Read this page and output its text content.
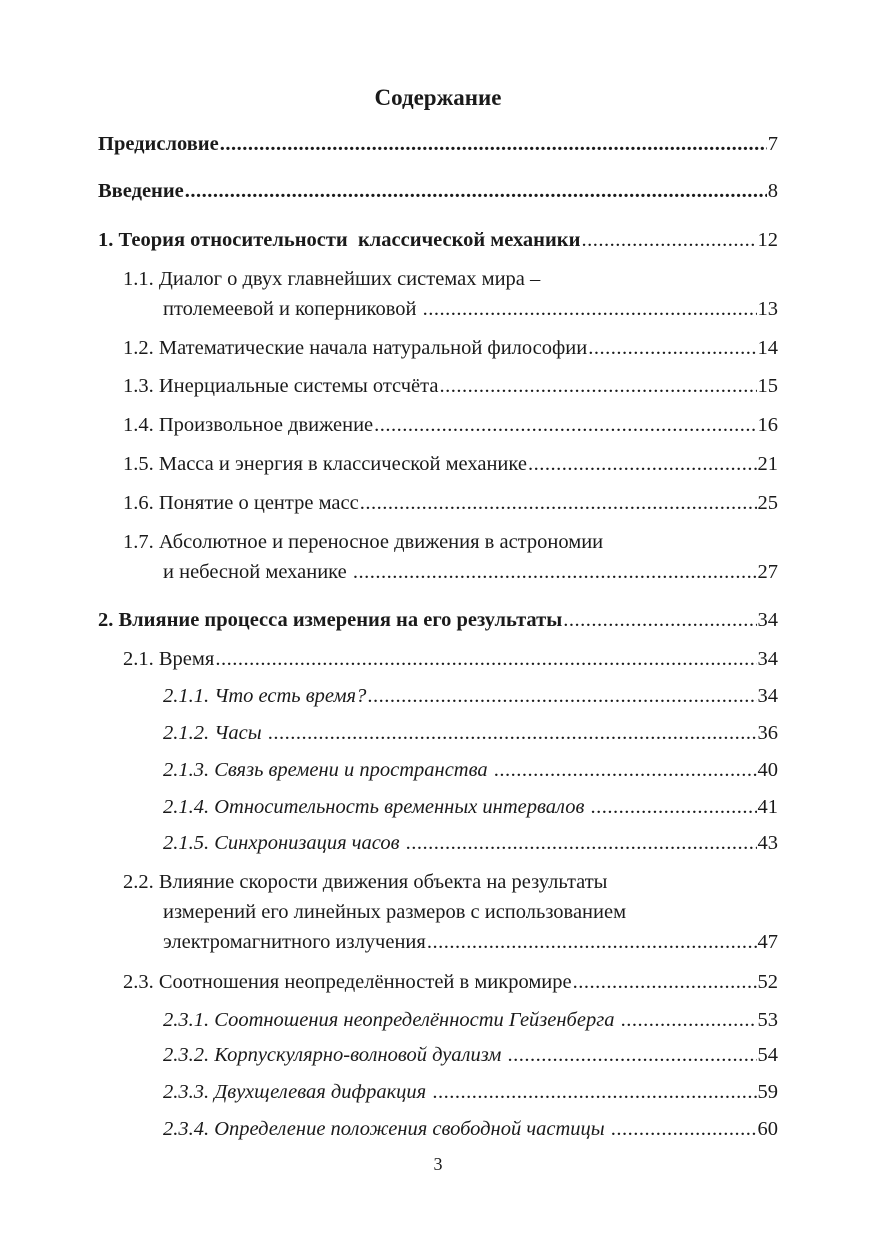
Содержание
Предисловие .....	7
Введение .....	8
1. Теория относительности  классической механики .....	12
1.1. Диалог о двух главнейших системах мира –
птолемеевой и коперниковой .....	13
1.2. Математические начала натуральной философии .....	14
1.3. Инерциальные системы отсчёта .....	15
1.4. Произвольное движение .....	16
1.5. Масса и энергия в классической механике .....	21
1.6. Понятие о центре масс .....	25
1.7. Абсолютное и переносное движения в астрономии
и небесной механике .....	27
2. Влияние процесса измерения на его результаты .....	34
2.1. Время .....	34
2.1.1. Что есть время? .....	34
2.1.2. Часы .....	36
2.1.3. Связь времени и пространства .....	40
2.1.4. Относительность временных интервалов .....	41
2.1.5. Синхронизация часов .....	43
2.2. Влияние скорости движения объекта на результаты
измерений его линейных размеров с использованием
электромагнитного излучения .....	47
2.3. Соотношения неопределённостей в микромире .....	52
2.3.1. Соотношения неопределённости Гейзенберга .....	53
2.3.2. Корпускулярно-волновой дуализм .....	54
2.3.3. Двухщелевая дифракция .....	59
2.3.4. Определение положения свободной частицы .....	60
3
